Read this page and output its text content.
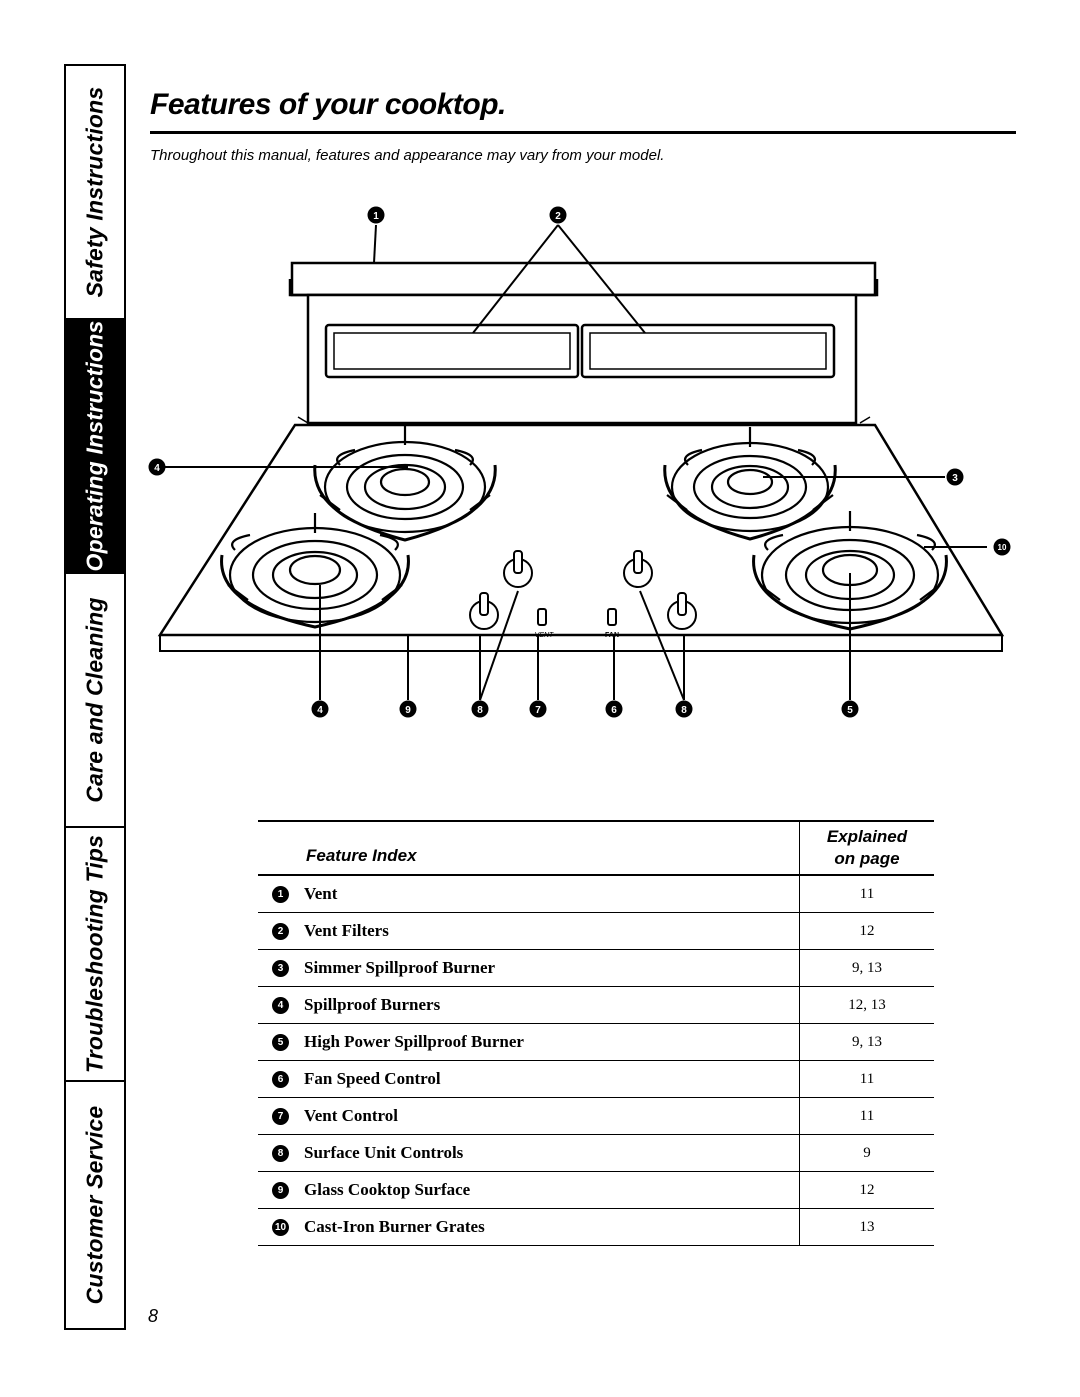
Safety Instructions
Operating Instructions
Care and Cleaning
Troubleshooting Tips
Customer Service
Features of your cooktop.
Throughout this manual, features and appearance may vary from your model.
VENT	FAN
1	2
3
4
10
4	9	8	7	6	8	5
Feature Index
Explained
on page
1	Vent	11
2	Vent Filters	12
3	Simmer Spillproof Burner	9, 13
4	Spillproof Burners	12, 13
5	High Power Spillproof Burner	9, 13
6	Fan Speed Control	11
7	Vent Control	11
8	Surface Unit Controls	9
9	Glass Cooktop Surface	12
10 Cast-Iron Burner Grates	13
8
